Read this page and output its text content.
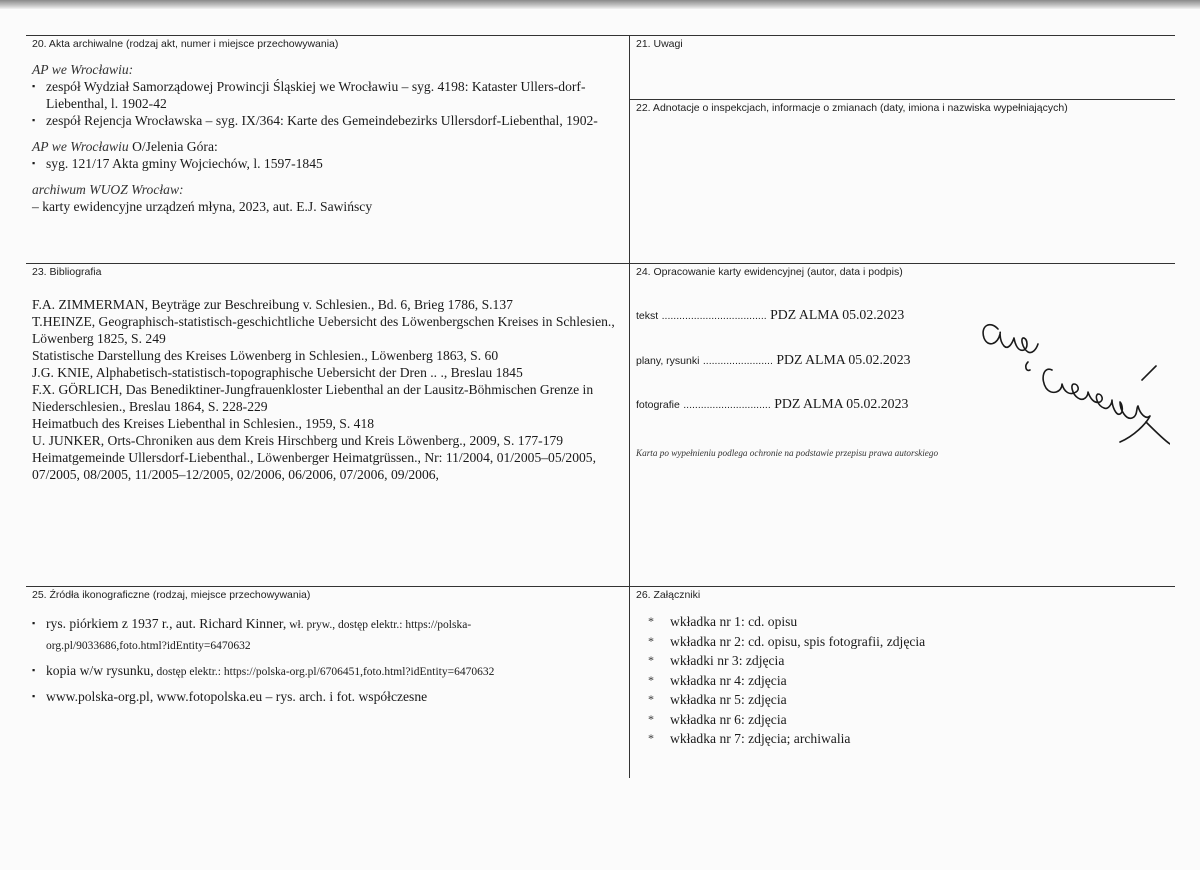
20. Akta archiwalne (rodzaj akt, numer i miejsce przechowywania)

AP we Wrocławiu:
▪ zespół Wydział Samorządowej Prowincji Śląskiej we Wrocławiu – syg. 4198: Kataster Ullers-dorf-Liebenthal, l. 1902-42
▪ zespół Rejencja Wrocławska – syg. IX/364: Karte des Gemeindebezirks Ullersdorf-Liebenthal, 1902-
AP we Wrocławiu O/Jelenia Góra:
▪ syg. 121/17 Akta gminy Wojciechów, l. 1597-1845
archiwum WUOZ Wrocław:
– karty ewidencyjne urządzeń młyna, 2023, aut. E.J. Sawińscy

21. Uwagi

22. Adnotacje o inspekcjach, informacje o zmianach (daty, imiona i nazwiska wypełniających)

23. Bibliografia

F.A. ZIMMERMAN, Beyträge zur Beschreibung v. Schlesien., Bd. 6, Brieg 1786, S.137

T.HEINZE, Geographisch-statistisch-geschichtliche Uebersicht des Löwenbergschen Kreises in Schlesien., Löwenberg 1825, S. 249

Statistische Darstellung des Kreises Löwenberg in Schlesien., Löwenberg 1863, S. 60

J.G. KNIE, Alphabetisch-statistisch-topographische Uebersicht der Dren .. ., Breslau 1845

F.X. GÖRLICH, Das Benediktiner-Jungfrauenkloster Liebenthal an der Lausitz-Böhmischen Grenze in Niederschlesien., Breslau 1864, S. 228-229

Heimatbuch des Kreises Liebenthal in Schlesien., 1959, S. 418

U. JUNKER, Orts-Chroniken aus dem Kreis Hirschberg und Kreis Löwenberg., 2009, S. 177-179

Heimatgemeinde Ullersdorf-Liebenthal., Löwenberger Heimatgrüssen., Nr: 11/2004, 01/2005–05/2005, 07/2005, 08/2005, 11/2005–12/2005, 02/2006, 06/2006, 07/2006, 09/2006,

24. Opracowanie karty ewidencyjnej (autor, data i podpis)

tekst .................................... PDZ ALMA 05.02.2023
plany, rysunki ........................ PDZ ALMA 05.02.2023
fotografie .............................. PDZ ALMA 05.02.2023
Karta po wypełnieniu podlega ochronie na podstawie przepisu prawa autorskiego

25. Źródła ikonograficzne (rodzaj, miejsce przechowywania)

▪ rys. piórkiem z 1937 r., aut. Richard Kinner, wł. pryw., dostęp elektr.: https://polska-org.pl/9033686,foto.html?idEntity=6470632
▪ kopia w/w rysunku, dostęp elektr.: https://polska-org.pl/6706451,foto.html?idEntity=6470632
▪ www.polska-org.pl, www.fotopolska.eu – rys. arch. i fot. współczesne

26. Załączniki

*	wkładka nr 1: cd. opisu
*	wkładka nr 2: cd. opisu, spis fotografii, zdjęcia
*	wkładki nr 3: zdjęcia
*	wkładka nr 4: zdjęcia
*	wkładka nr 5: zdjęcia
*	wkładka nr 6: zdjęcia
*	wkładka nr 7: zdjęcia; archiwalia
